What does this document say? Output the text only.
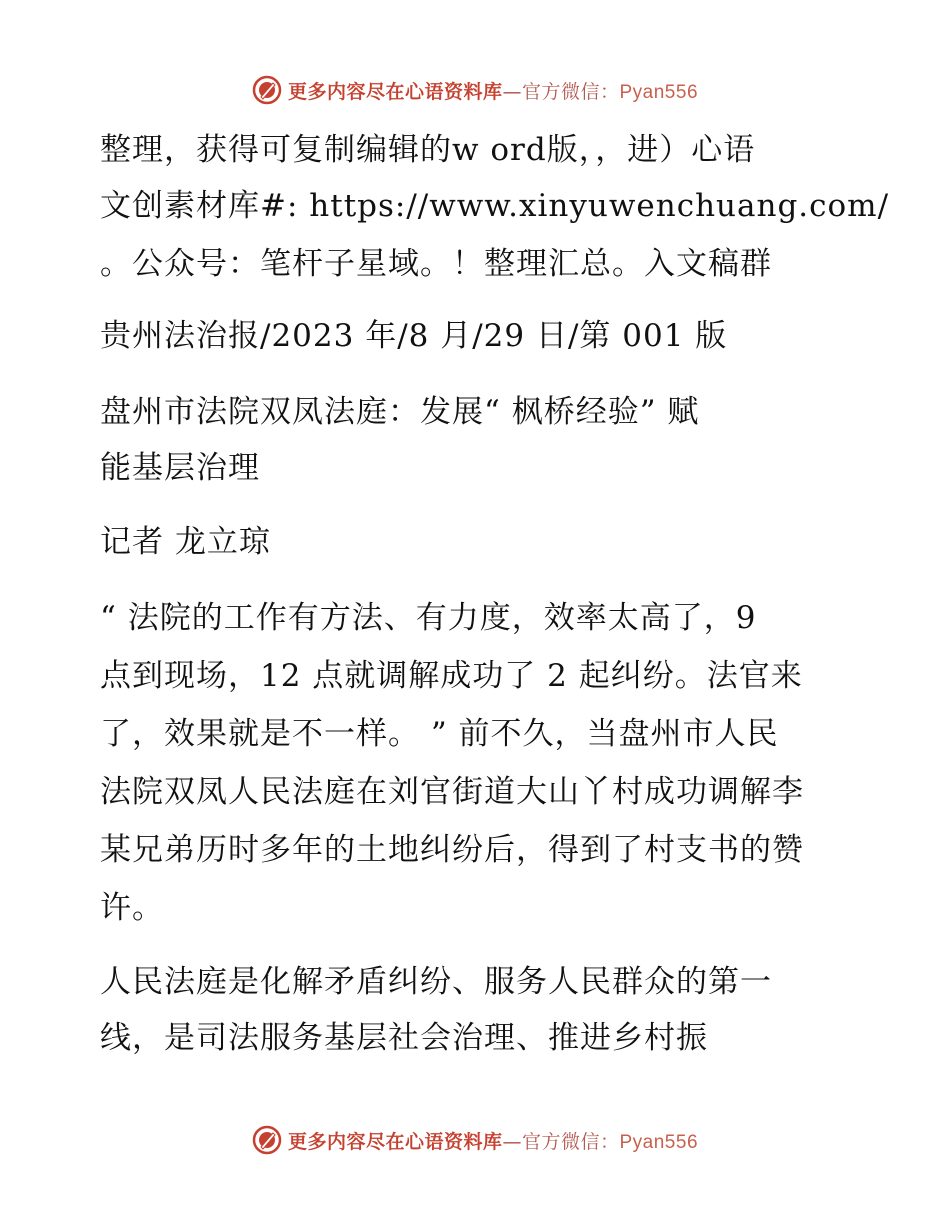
更多内容尽在心语资料库—官方微信：Pyan556
整理，获得可复制编辑的w ord版，，进）心语
文创素材库#: https://www.xinyuwenchuang.com/
。公众号：笔杆子星域。！整理汇总。入文稿群
贵州法治报/2023 年/8 月/29 日/第 001 版
盘州市法院双凤法庭：发展“ 枫桥经验” 赋
能基层治理
记者 龙立琼
“ 法院的工作有方法、有力度，效率太高了，9
点到现场，12 点就调解成功了 2 起纠纷。法官来
了，效果就是不一样。 ” 前不久，当盘州市人民
法院双凤人民法庭在刘官街道大山丫村成功调解李
某兄弟历时多年的土地纠纷后，得到了村支书的赞
许。
人民法庭是化解矛盾纠纷、服务人民群众的第一
线，是司法服务基层社会治理、推进乡村振
更多内容尽在心语资料库—官方微信：Pyan556
